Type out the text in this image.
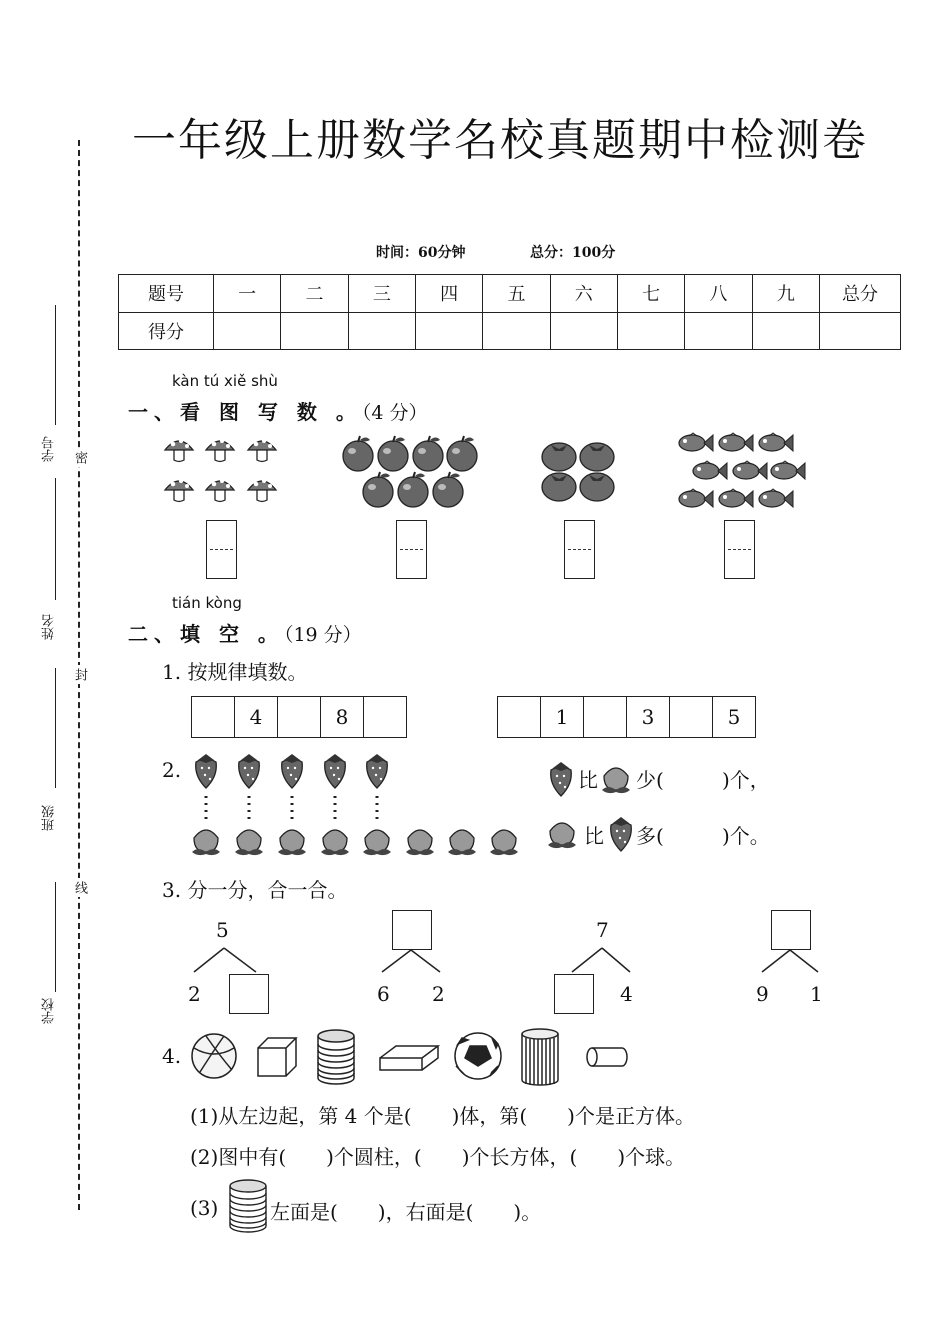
一年级上册数学名校真题期中检测卷
时间：60分钟	总分：100分
题号	一	二	三	四	五	六	七	八	九	总分
得分										
密
封
线
学号
姓名
班级
学校
kàn tú xiě shù
一、看 图 写 数 。（4 分）
tián kòng
二、填 空 。（19 分）
1. 按规律填数。
4	8	1	3	5
2.	比 少(	)个，
比 多(	)个。
3. 分一分，合一合。
5
2	6 2
7
4	9 1
4.
(1)从左边起，第 4 个是(　　)体，第(　　)个是正方体。
(2)图中有(　　)个圆柱，(　　)个长方体，(　　)个球。
(3)	左面是(　　)，右面是(　　)。
